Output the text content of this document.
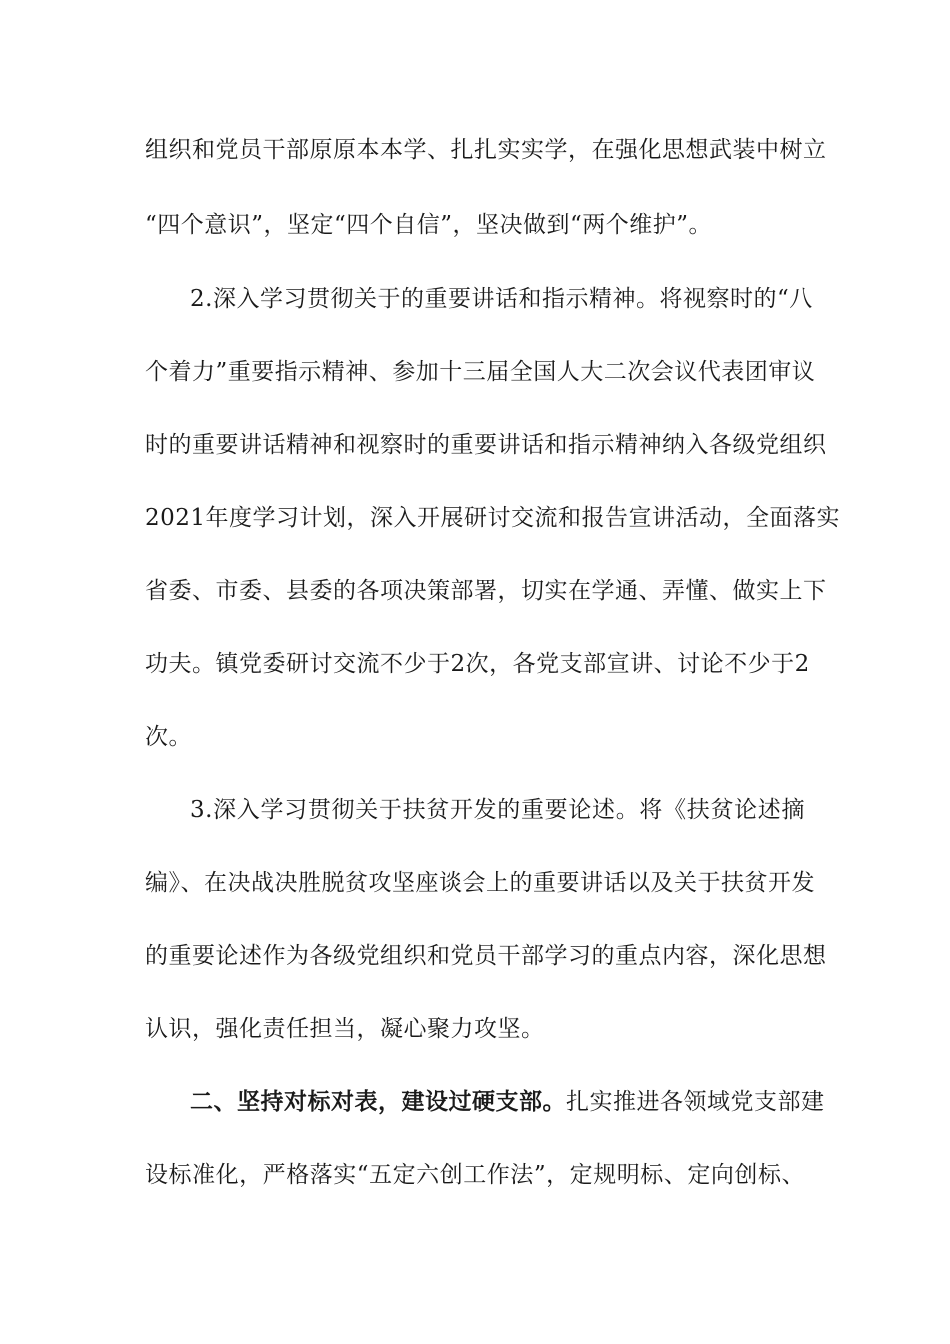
组织和党员干部原原本本学、扎扎实实学，在强化思想武装中树立
“四个意识”，坚定“四个自信”，坚决做到“两个维护”。
2.深入学习贯彻关于的重要讲话和指示精神。将视察时的“八
个着力”重要指示精神、参加十三届全国人大二次会议代表团审议
时的重要讲话精神和视察时的重要讲话和指示精神纳入各级党组织
2021年度学习计划，深入开展研讨交流和报告宣讲活动，全面落实
省委、市委、县委的各项决策部署，切实在学通、弄懂、做实上下
功夫。镇党委研讨交流不少于2次，各党支部宣讲、讨论不少于2
次。
3.深入学习贯彻关于扶贫开发的重要论述。将《扶贫论述摘
编》、在决战决胜脱贫攻坚座谈会上的重要讲话以及关于扶贫开发
的重要论述作为各级党组织和党员干部学习的重点内容，深化思想
认识，强化责任担当，凝心聚力攻坚。
二、坚持对标对表，建设过硬支部。扎实推进各领域党支部建
设标准化，严格落实“五定六创工作法”，定规明标、定向创标、
